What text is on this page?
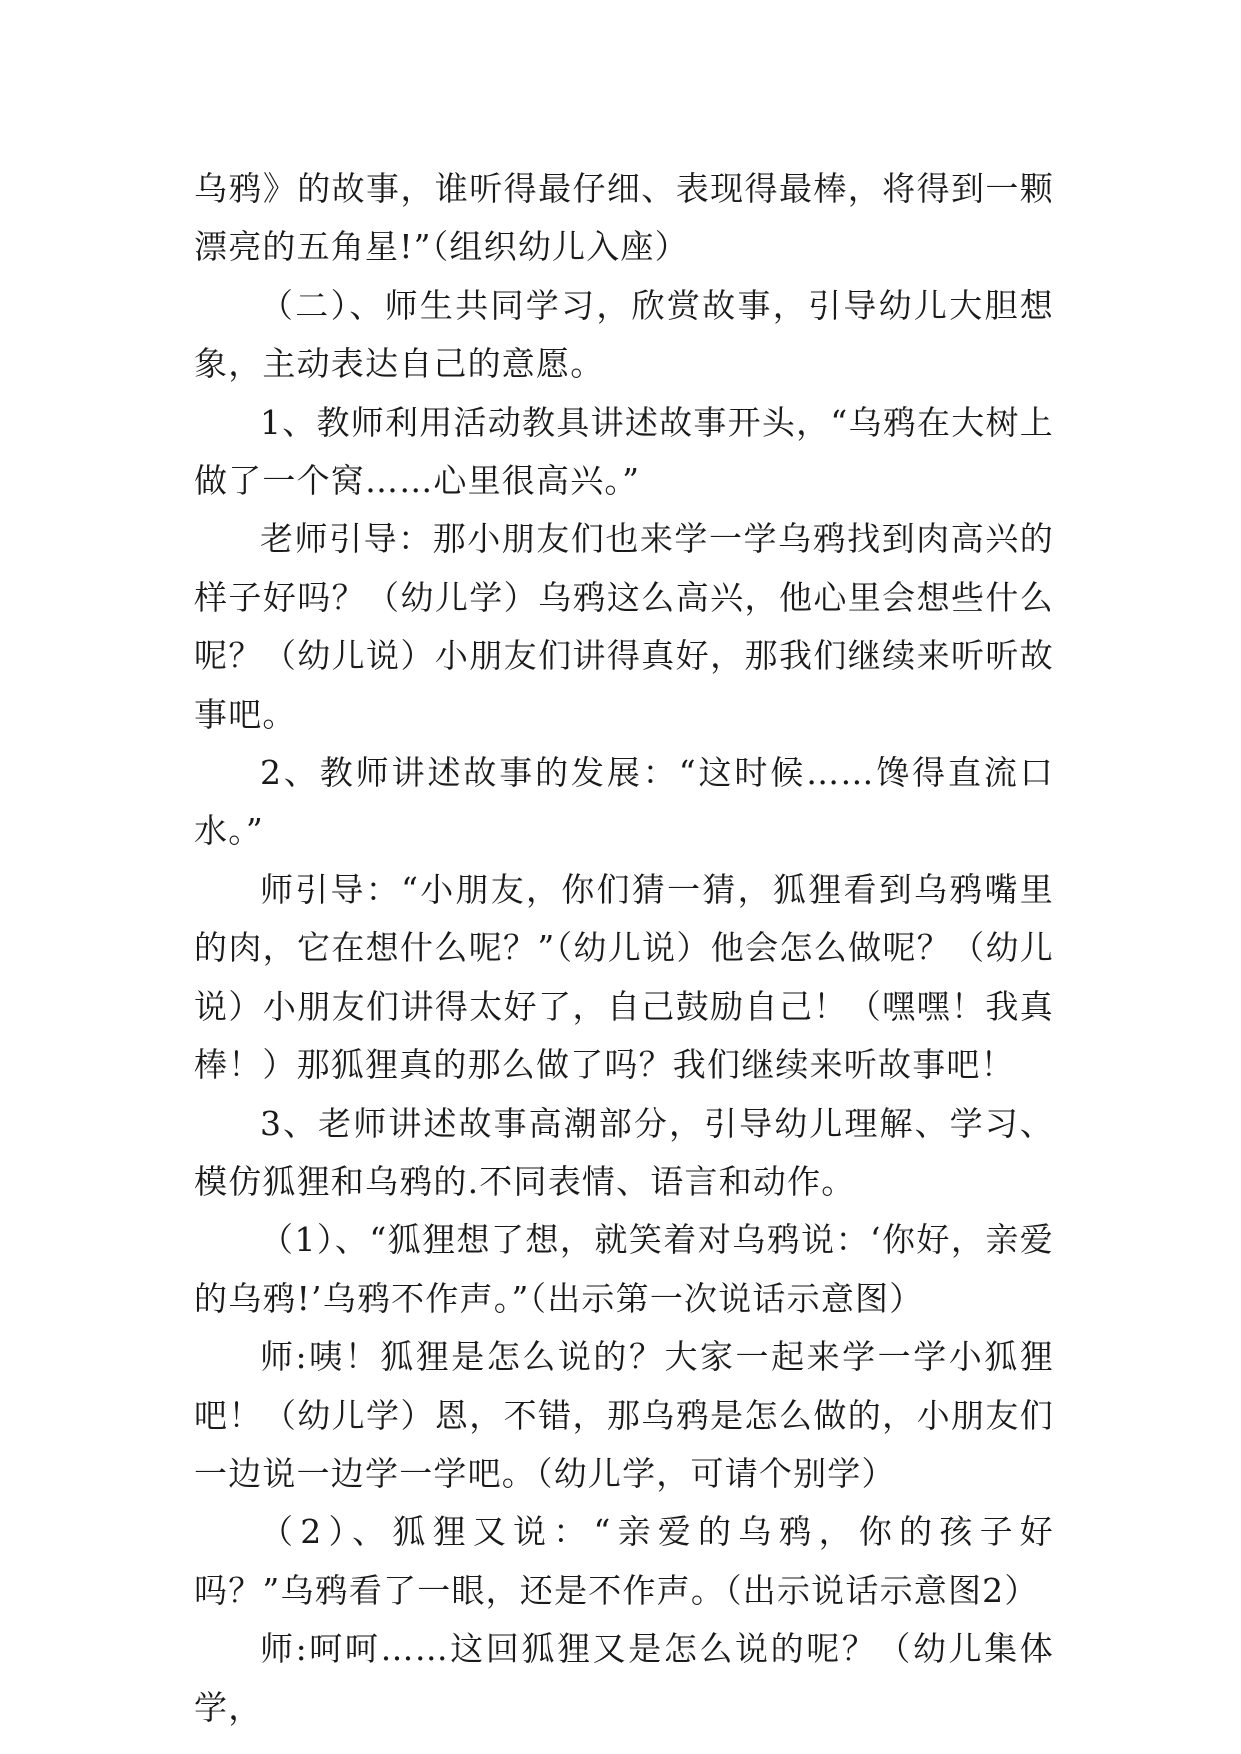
乌鸦》的故事，谁听得最仔细、表现得最棒，将得到一颗漂亮的五角星!”（组织幼儿入座）

（二）、师生共同学习，欣赏故事，引导幼儿大胆想象，主动表达自己的意愿。

1、教师利用活动教具讲述故事开头，“乌鸦在大树上做了一个窝……心里很高兴。”

老师引导：那小朋友们也来学一学乌鸦找到肉高兴的样子好吗？（幼儿学）乌鸦这么高兴，他心里会想些什么呢？（幼儿说）小朋友们讲得真好，那我们继续来听听故事吧。

2、教师讲述故事的发展：“这时候……馋得直流口水。”

师引导：“小朋友，你们猜一猜，狐狸看到乌鸦嘴里的肉，它在想什么呢？”（幼儿说）他会怎么做呢？（幼儿说）小朋友们讲得太好了，自己鼓励自己！（嘿嘿！我真棒！）那狐狸真的那么做了吗？我们继续来听故事吧！

3、老师讲述故事高潮部分，引导幼儿理解、学习、模仿狐狸和乌鸦的.不同表情、语言和动作。

（1）、“狐狸想了想，就笑着对乌鸦说：‘你好，亲爱的乌鸦!’乌鸦不作声。”（出示第一次说话示意图）

师:咦！狐狸是怎么说的？大家一起来学一学小狐狸吧！（幼儿学）恩，不错，那乌鸦是怎么做的，小朋友们一边说一边学一学吧。（幼儿学，可请个别学）

（2）、狐狸又说：“亲爱的乌鸦，你的孩子好吗？”乌鸦看了一眼，还是不作声。（出示说话示意图2）

师:呵呵……这回狐狸又是怎么说的呢？（幼儿集体学，
